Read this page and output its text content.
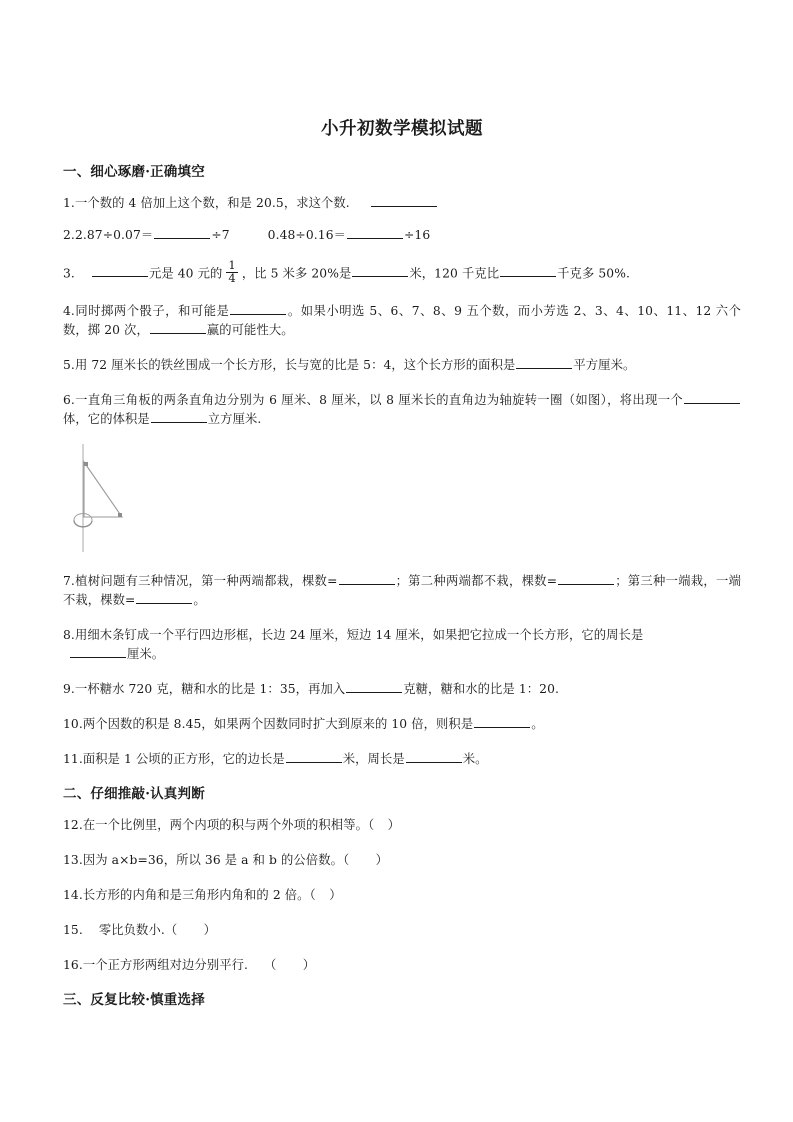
小升初数学模拟试题
一、细心琢磨·正确填空

1.一个数的 4 倍加上这个数，和是 20.5，求这个数.

2.2.87÷0.07＝	÷7	0.48÷0.16＝	÷16

3.	元是 40 元的 $\frac{1}{4}$ ，比 5 米多 20%是	米，120 千克比	千克多 50%.

4.同时掷两个骰子，和可能是	。如果小明选 5、6、7、8、9 五个数，而小芳选 2、3、4、10、11、12 六个数，掷 20 次，	赢的可能性大。

5.用 72 厘米长的铁丝围成一个长方形，长与宽的比是 5：4，这个长方形的面积是	平方厘米。

6.一直角三角板的两条直角边分别为 6 厘米、8 厘米，以 8 厘米长的直角边为轴旋转一圈（如图），将出现一个体，它的体积是	立方厘米.

7.植树问题有三种情况，第一种两端都栽，棵数=	；第二种两端都不栽，棵数=	；第三种一端栽，一端不栽，棵数=	。

8.用细木条钉成一个平行四边形框，长边 24 厘米，短边 14 厘米，如果把它拉成一个长方形，它的周长是
厘米。

9.一杯糖水 720 克，糖和水的比是 1：35，再加入	克糖，糖和水的比是 1：20.

10.两个因数的积是 8.45，如果两个因数同时扩大到原来的 10 倍，则积是	。

11.面积是 1 公顷的正方形，它的边长是	米，周长是	米。

二、仔细推敲·认真判断

12.在一个比例里，两个内项的积与两个外项的积相等。（　）

13.因为 a×b=36，所以 36 是 a 和 b 的公倍数。（　　）

14.长方形的内角和是三角形内角和的 2 倍。（　）

15. 零比负数小.（　　）

16.一个正方形两组对边分别平行. （　　）

三、反复比较·慎重选择
